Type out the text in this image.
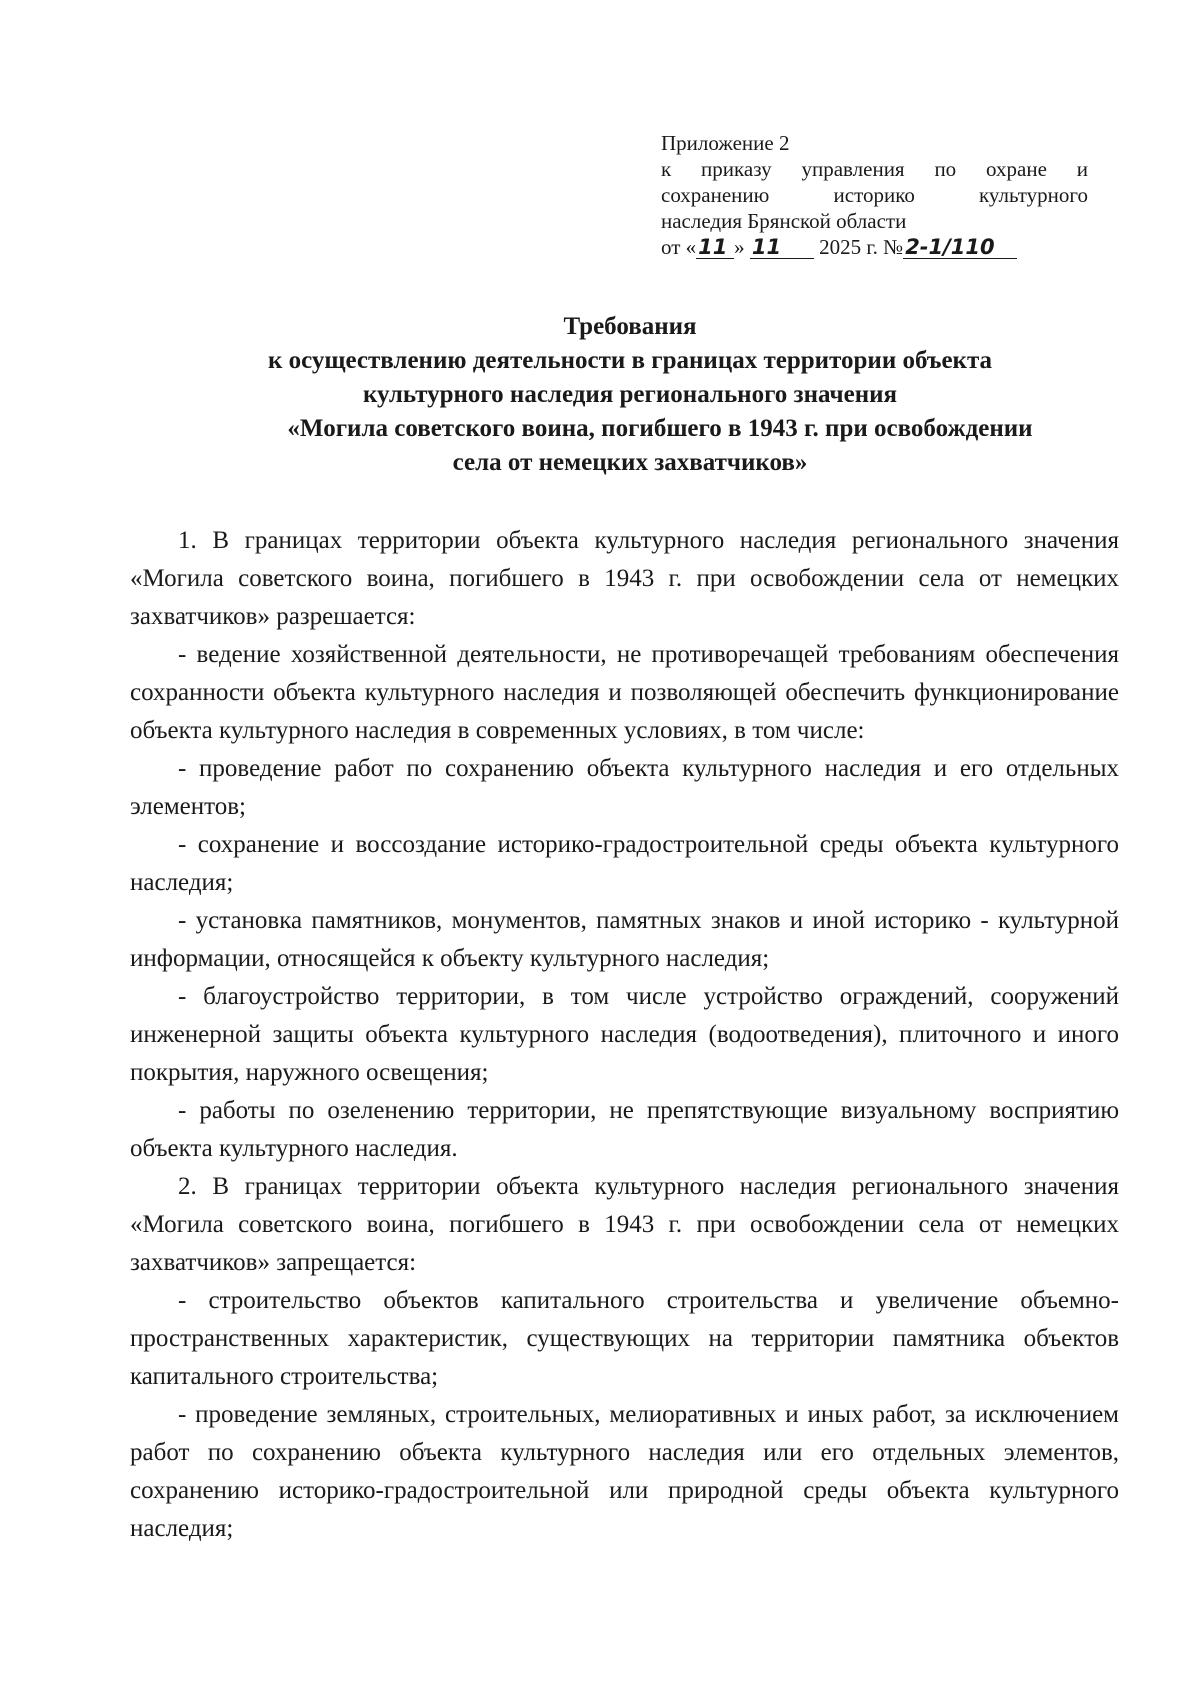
Приложение 2
к приказу управления по охране и
сохранению историко культурного
наследия Брянской области
от «11 » 11 2025 г. №2-1/110
Требования
к осуществлению деятельности в границах территории объекта
культурного наследия регионального значения
«Могила советского воина, погибшего в 1943 г. при освобождении
села от немецких захватчиков»

1. В границах территории объекта культурного наследия регионального значения «Могила советского воина, погибшего в 1943 г. при освобождении села от немецких захватчиков» разрешается:

- ведение хозяйственной деятельности, не противоречащей требованиям обеспечения сохранности объекта культурного наследия и позволяющей обеспечить функционирование объекта культурного наследия в современных условиях, в том числе:

- проведение работ по сохранению объекта культурного наследия и его отдельных элементов;

- сохранение и воссоздание историко-градостроительной среды объекта культурного наследия;

- установка памятников, монументов, памятных знаков и иной историко - культурной информации, относящейся к объекту культурного наследия;

- благоустройство территории, в том числе устройство ограждений, сооружений инженерной защиты объекта культурного наследия (водоотведения), плиточного и иного покрытия, наружного освещения;

- работы по озеленению территории, не препятствующие визуальному восприятию объекта культурного наследия.

2. В границах территории объекта культурного наследия регионального значения «Могила советского воина, погибшего в 1943 г. при освобождении села от немецких захватчиков» запрещается:

- строительство объектов капитального строительства и увеличение объемно-пространственных характеристик, существующих на территории памятника объектов капитального строительства;

- проведение земляных, строительных, мелиоративных и иных работ, за исключением работ по сохранению объекта культурного наследия или его отдельных элементов, сохранению историко-градостроительной или природной среды объекта культурного наследия;
